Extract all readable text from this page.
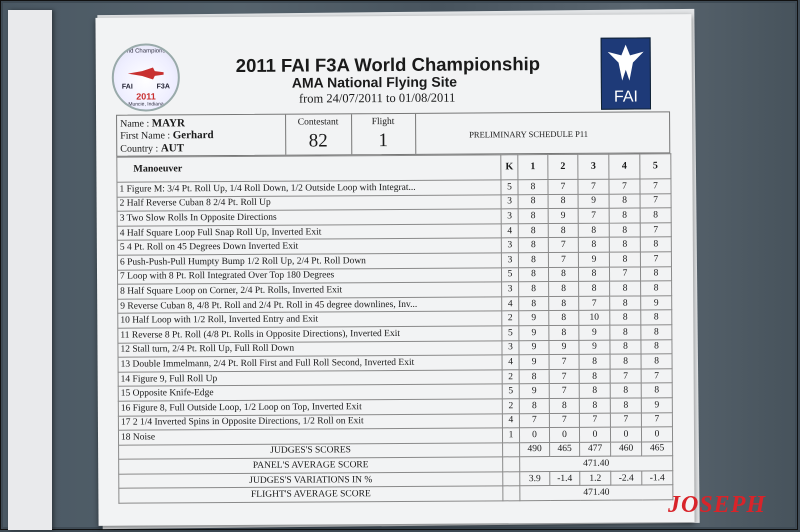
World Championship
FAI	F3A
2011
Muncie, Indiana
2011 FAI F3A World Championship
AMA National Flying Site
from 24/07/2011 to 01/08/2011	FAI
Name : MAYR
First Name : Gerhard
Country : AUT
Contestant
82
Flight
1	PRELIMINARY SCHEDULE P11
Manoeuver	K	1	2	3	4	5
1 Figure M: 3/4 Pt. Roll Up, 1/4 Roll Down, 1/2 Outside Loop with Integrat...	5	8	7	7	7	7
2 Half Reverse Cuban 8 2/4 Pt. Roll Up	3	8	8	9	8	7
3 Two Slow Rolls In Opposite Directions	3	8	9	7	8	8
4 Half Square Loop Full Snap Roll Up, Inverted Exit	4	8	8	8	8	7
5 4 Pt. Roll on 45 Degrees Down Inverted Exit	3	8	7	8	8	8
6 Push-Push-Pull Humpty Bump 1/2 Roll Up, 2/4 Pt. Roll Down	3	8	7	9	8	7
7 Loop with 8 Pt. Roll Integrated Over Top 180 Degrees	5	8	8	8	7	8
8 Half Square Loop on Corner, 2/4 Pt. Rolls, Inverted Exit	3	8	8	8	8	8
9 Reverse Cuban 8, 4/8 Pt. Roll and 2/4 Pt. Roll in 45 degree downlines, Inv...	4	8	8	7	8	9
10 Half Loop with 1/2 Roll, Inverted Entry and Exit	2	9	8	10	8	8
11 Reverse 8 Pt. Roll (4/8 Pt. Rolls in Opposite Directions), Inverted Exit	5	9	8	9	8	8
12 Stall turn, 2/4 Pt. Roll Up, Full Roll Down	3	9	9	9	8	8
13 Double Immelmann, 2/4 Pt. Roll First and Full Roll Second, Inverted Exit	4	9	7	8	8	8
14 Figure 9, Full Roll Up	2	8	7	8	7	7
15 Opposite Knife-Edge	5	9	7	8	8	8
16 Figure 8, Full Outside Loop, 1/2 Loop on Top, Inverted Exit	2	8	8	8	8	9
17 2 1/4 Inverted Spins in Opposite Directions, 1/2 Roll on Exit	4	7	7	7	7	7
18 Noise	1	0	0	0	0	0
JUDGES'S SCORES		490	465	477	460	465
PANEL'S AVERAGE SCORE		471.40				
JUDGES'S VARIATIONS IN %		3.9	-1.4	1.2	-2.4	-1.4
FLIGHT'S AVERAGE SCORE		471.40				JOSEPH
